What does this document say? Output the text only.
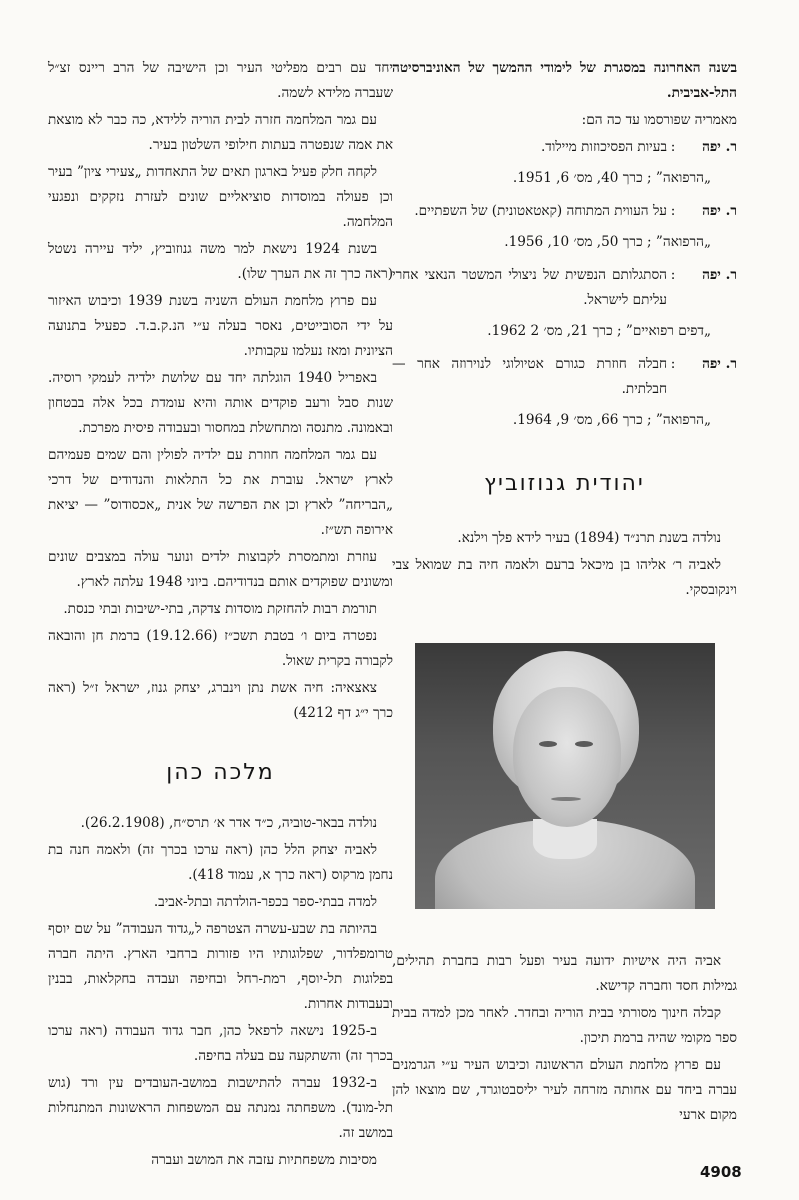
בשנה האחרונה במסגרת של לימודי ההמשך של האוניברסיטה התל-אביבית.

מאמריה שפורסמו עד כה הם:

ר. יפה
:
בעיות הפסיכוזות מיילוד.
„הרפואה” ; כרך 40, מס׳ 6, 1951.
ר. יפה
:
על העווית המתוחה (קאטאטונית) של השפתיים.
„הרפואה” ; כרך 50, מס׳ 10, 1956.
ר. יפה
:
הסתגלותם הנפשית של ניצולי המשטר הנאצי אחרי עליתם לישראל.
„דפים רפואיים” ; כרך 21, מס׳ 2 1962.
ר. יפה
:
חבלה חוזרת כגורם אטיולוגי לנוירוזה אחר — חבלתית.
„הרפואה” ; כרך 66, מס׳ 9, 1964.
יהודית גנוזוביץ

נולדה בשנת תרנ״ד (1894) בעיר לידא פלך וילנא.

לאביה ר׳ אליהו בן מיכאל ברעם ולאמה חיה בת שמואל צבי וינקובסקי.

אביה היה אישיות ידועה בעיר ופעל רבות בחברת תהילים, גמילות חסד וחברה קדישא.

קבלה חינוך מסורתי בבית הוריה ובחדר. לאחר מכן למדה בבית ספר מקומי שהיה ברמת תיכון.

עם פרוץ מלחמת העולם הראשונה וכיבוש העיר ע״י הגרמנים עברה ביחד עם אחותה מזרחה לעיר יליסבטוגרד, שם מוצאו להן מקום ארעי

יחד עם רבים מפליטי העיר וכן הישיבה של הרב ריינס זצ״ל שעברה מלידא לשמה.

עם גמר המלחמה חזרה לבית הוריה ללידא, כה כבר לא מוצאת את אמה שנפטרה בעתות חילופי השלטון בעיר.

לקחה חלק פעיל בארגון תאים של התאחדות „צעירי ציון” בעיר וכן פעולה במוסדות סוציאליים שונים לעזרת נזקקים ונפגעי המלחמה.

בשנת 1924 נישאת למר משה גנוזוביץ, יליד עיירה נשטל (ראה כרך זה את הערך שלו).

עם פרוץ מלחמת העולם השניה בשנת 1939 וכיבוש האיזור על ידי הסובייטים, נאסר בעלה ע״י הנ.ק.ב.ד. כפעיל בתנועה הציונית ומאז נעלמו עקבותיו.

באפריל 1940 הוגלתה יחד עם שלושת ילדיה לעמקי רוסיה. שנות סבל ורעב פוקדים אותה והיא עומדת בכל אלה בבטחון ובאמונה. מתנסה ומתחשלת במחסור ובעבודה פיסית מפרכת.

עם גמר המלחמה חוזרת עם ילדיה לפולין והם שמים פעמיהם לארץ ישראל. עוברת את כל התלאות והנדודים של דרכי „הבריחה” לארץ וכן את הפרשה של אנית „אכסודוס” — יציאת אירופה תש״ז.

עוזרת ומתמסרת לקבוצות ילדים ונוער עולה במצבים שונים ומשונים שפוקדים אותם בנדודיהם. ביוני 1948 עלתה לארץ.

תורמת רבות להחזקת מוסדות צדקה, בתי-ישיבות ובתי כנסת.

נפטרה ביום ו׳ בטבת תשכ״ז (19.12.66) ברמת חן והובאה לקבורה בקרית שאול.

צאצאיה: חיה אשת נתן וינברג, יצחק גנוז, ישראל ז״ל (ראה כרך י״ג דף 4212)

מלכה כהן

נולדה בבאר-טוביה, כ״ד אדר א׳ תרס״ח, (26.2.1908).

לאביה יצחק הלל כהן (ראה ערכו בכרך זה) ולאמה חנה בת נחמן מרקוס (ראה כרך א, עמוד 418).

למדה בבתי-ספר בכפר-הולדתה ובתל-אביב.

בהיותה בת שבע-עשרה הצטרפה ל„גדוד העבודה” על שם יוסף טרומפלדור, שפלוגותיו היו פזורות ברחבי הארץ. היתה חברה בפלוגות תל-יוסף, רמת-רחל ובחיפה ועבדה בחקלאות, בבנין ובעבודות אחרות.

ב-1925 נישאה לרפאל כהן, חבר גדוד העבודה (ראה ערכו בכרך זה) והשתקעה עם בעלה בחיפה.

ב-1932 עברה להתישבות במושב-העובדים עין ורד (גוש תל-מונד). משפחתה נמנתה עם המשפחות הראשונות המתנחלות במושב זה.

מסיבות משפחתיות עזבה את המושב ועברה

4908
